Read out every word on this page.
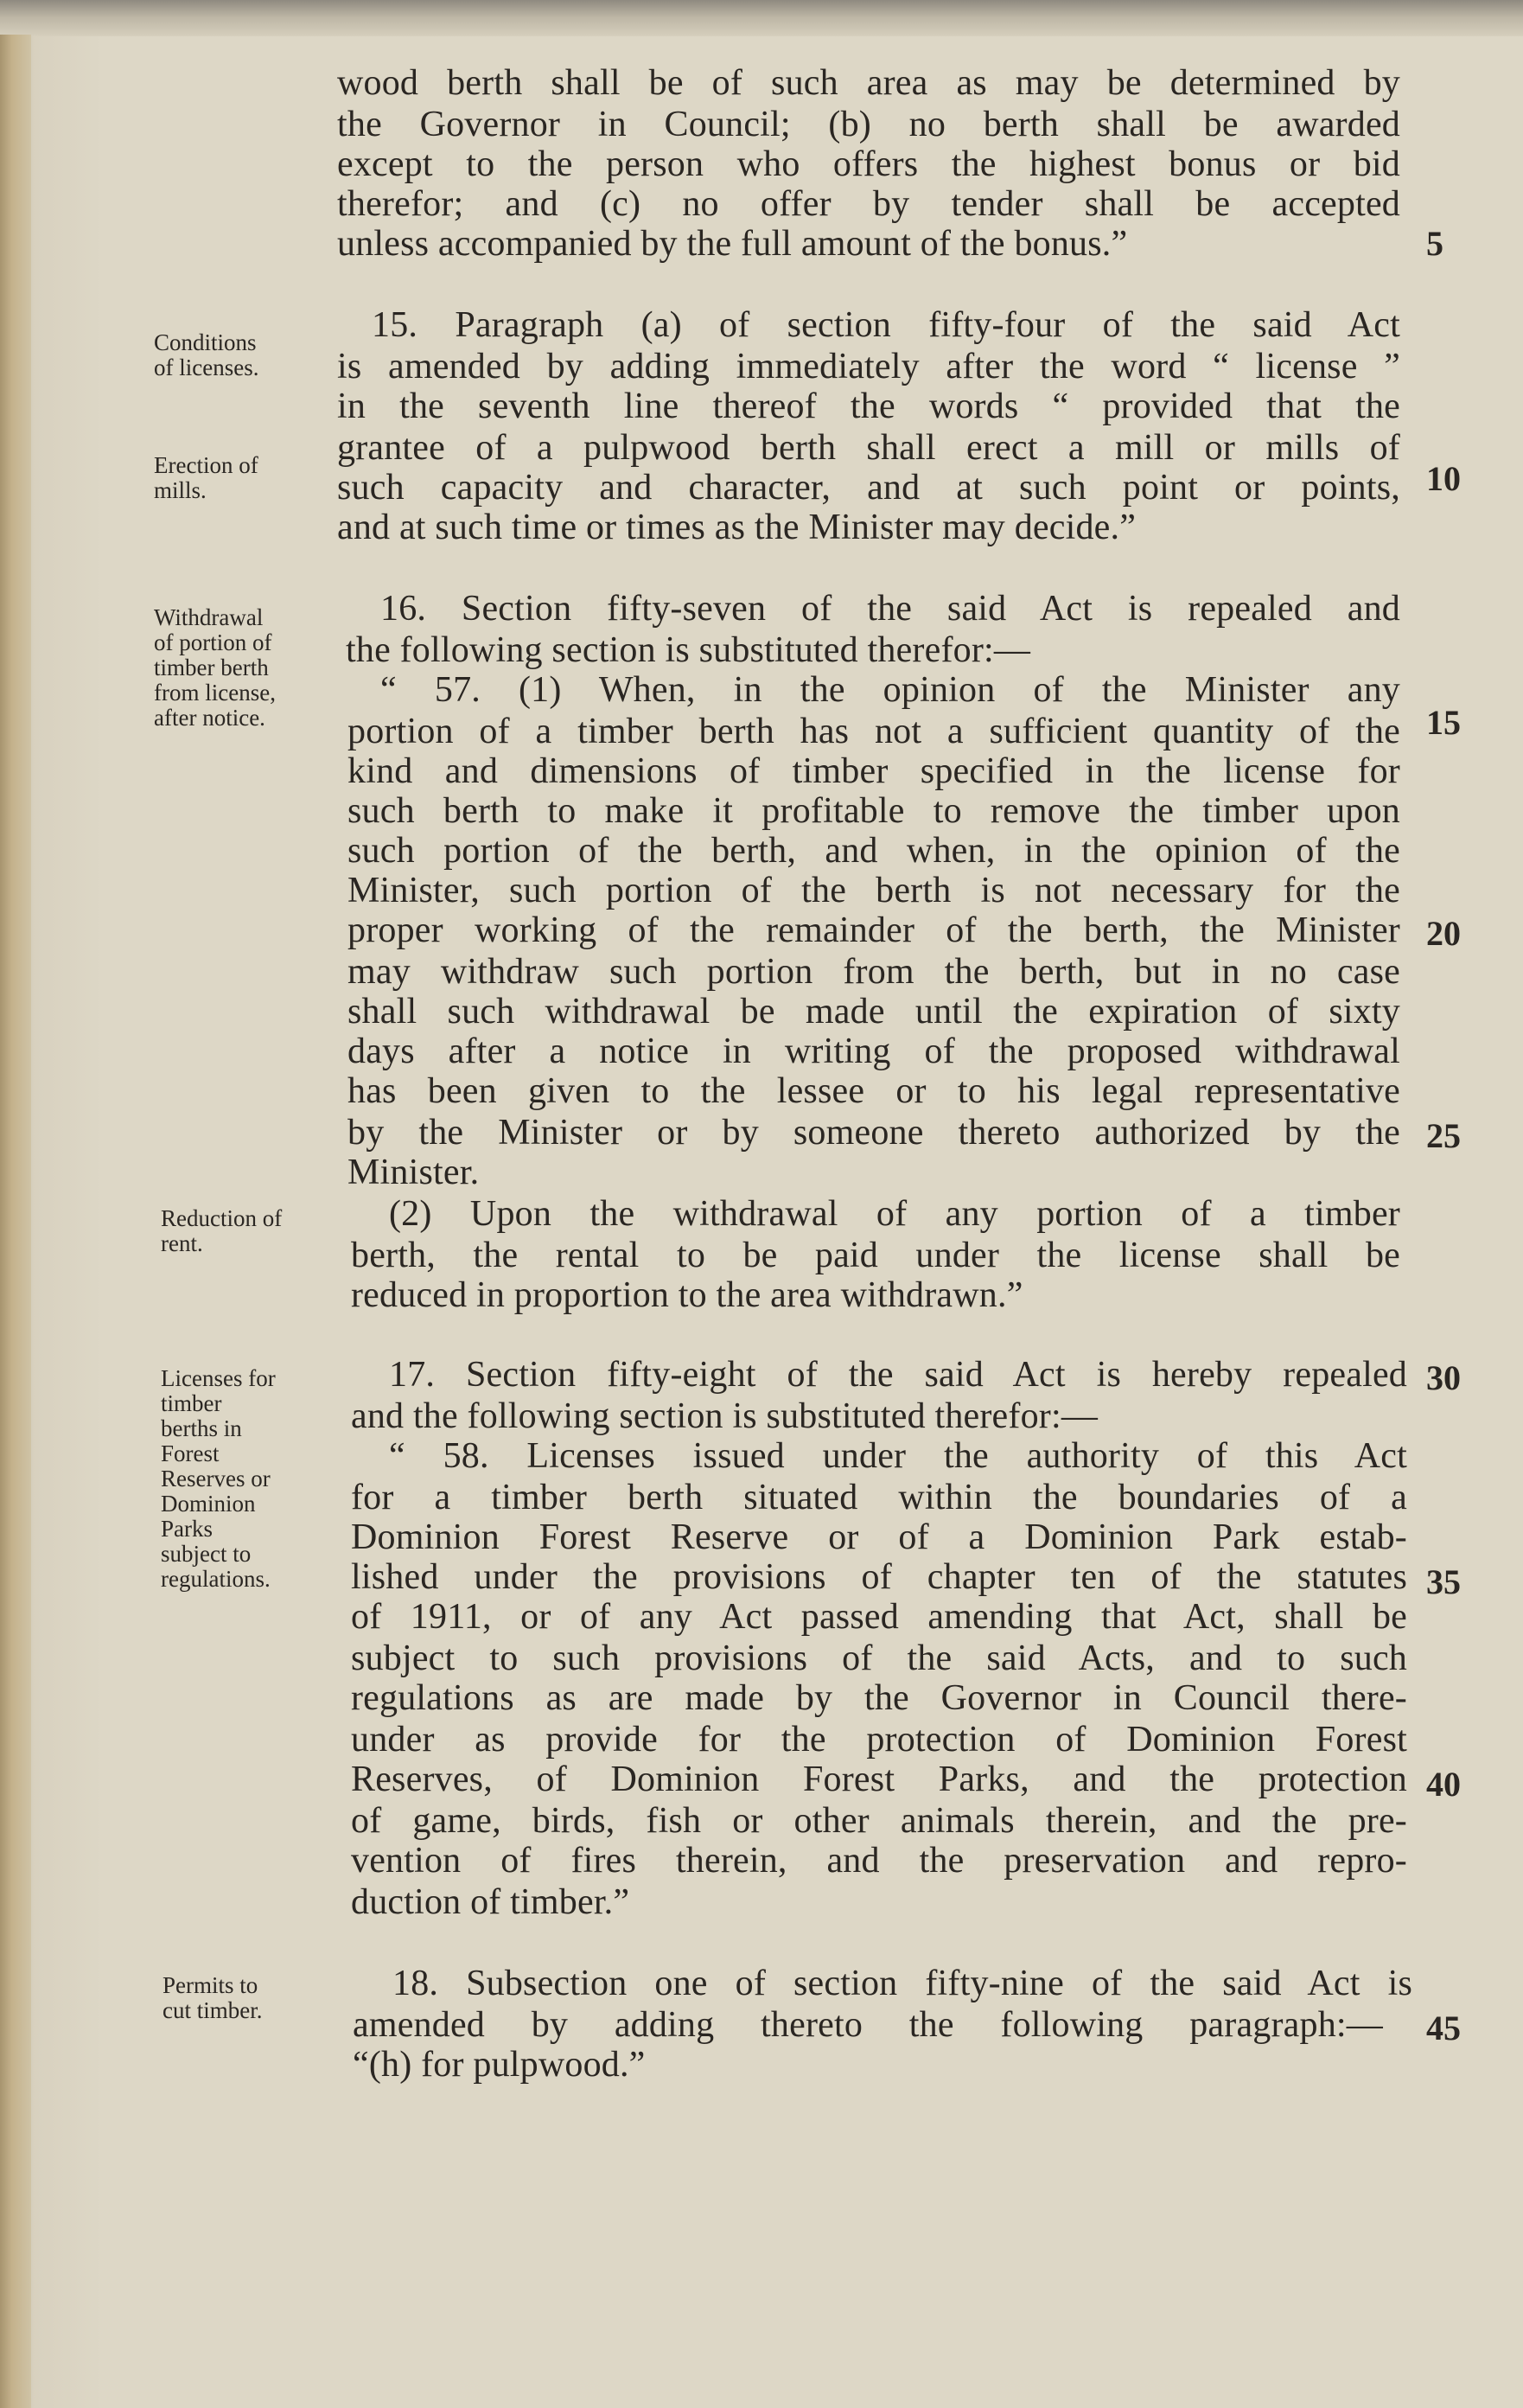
Conditions
of licenses.
Erection of
mills.
Withdrawal
of portion of
timber berth
from license,
after notice.
Reduction of
rent.
Licenses for
timber
berths in
Forest
Reserves or
Dominion
Parks
subject to
regulations.
Permits to
cut timber.
wood berth shall be of such area as may be determined by
the Governor in Council; (b) no berth shall be awarded
except to the person who offers the highest bonus or bid
therefor; and (c) no offer by tender shall be accepted
unless accompanied by the full amount of the bonus.”
15. Paragraph (a) of section fifty-four of the said Act
is amended by adding immediately after the word “ license ”
in the seventh line thereof the words “ provided that the
grantee of a pulpwood berth shall erect a mill or mills of
such capacity and character, and at such point or points,
and at such time or times as the Minister may decide.”
16. Section fifty-seven of the said Act is repealed and
the following section is substituted therefor:—
“ 57. (1) When, in the opinion of the Minister any
portion of a timber berth has not a sufficient quantity of the
kind and dimensions of timber specified in the license for
such berth to make it profitable to remove the timber upon
such portion of the berth, and when, in the opinion of the
Minister, such portion of the berth is not necessary for the
proper working of the remainder of the berth, the Minister
may withdraw such portion from the berth, but in no case
shall such withdrawal be made until the expiration of sixty
days after a notice in writing of the proposed withdrawal
has been given to the lessee or to his legal representative
by the Minister or by someone thereto authorized by the
Minister.
(2) Upon the withdrawal of any portion of a timber
berth, the rental to be paid under the license shall be
reduced in proportion to the area withdrawn.”
17. Section fifty-eight of the said Act is hereby repealed
and the following section is substituted therefor:—
“ 58. Licenses issued under the authority of this Act
for a timber berth situated within the boundaries of a
Dominion Forest Reserve or of a Dominion Park estab-
lished under the provisions of chapter ten of the statutes
of 1911, or of any Act passed amending that Act, shall be
subject to such provisions of the said Acts, and to such
regulations as are made by the Governor in Council there-
under as provide for the protection of Dominion Forest
Reserves, of Dominion Forest Parks, and the protection
of game, birds, fish or other animals therein, and the pre-
vention of fires therein, and the preservation and repro-
duction of timber.”
18. Subsection one of section fifty-nine of the said Act is
amended by adding thereto the following paragraph:—
“(h) for pulpwood.”
5
10
15
20
25
30
35
40
45
